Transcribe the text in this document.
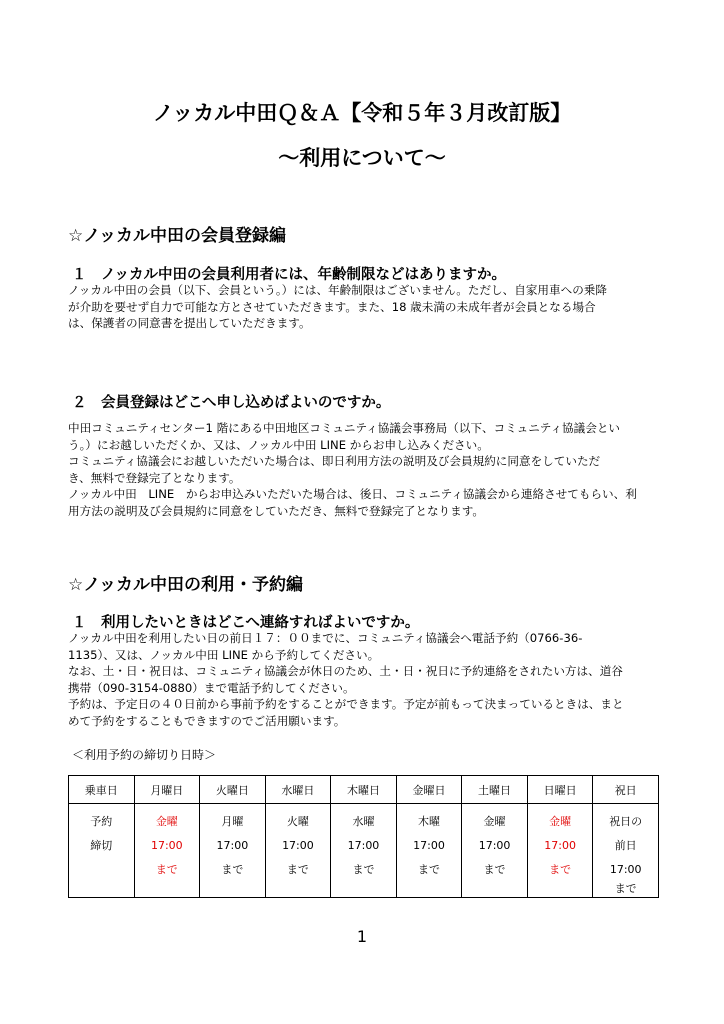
ノッカル中田Ｑ＆Ａ【令和５年３月改訂版】
～利用について～
☆ノッカル中田の会員登録編
１　ノッカル中田の会員利用者には、年齢制限などはありますか。
ノッカル中田の会員（以下、会員という。）には、年齢制限はございません。ただし、自家用車への乗降
が介助を要せず自力で可能な方とさせていただきます。また、18 歳未満の未成年者が会員となる場合
は、保護者の同意書を提出していただきます。
２　会員登録はどこへ申し込めばよいのですか。
中田コミュニティセンター1 階にある中田地区コミュニティ協議会事務局（以下、コミュニティ協議会とい
う。）にお越しいただくか、又は、ノッカル中田 LINE からお申し込みください。
コミュニティ協議会にお越しいただいた場合は、即日利用方法の説明及び会員規約に同意をしていただ
き、無料で登録完了となります。
ノッカル中田　LINE　からお申込みいただいた場合は、後日、コミュニティ協議会から連絡させてもらい、利
用方法の説明及び会員規約に同意をしていただき、無料で登録完了となります。
☆ノッカル中田の利用・予約編
１　利用したいときはどこへ連絡すればよいですか。
ノッカル中田を利用したい日の前日１７：００までに、コミュニティ協議会へ電話予約（0766-36-
1135）、又は、ノッカル中田 LINE から予約してください。
なお、土・日・祝日は、コミュニティ協議会が休日のため、土・日・祝日に予約連絡をされたい方は、道谷
携帯（090-3154-0880）まで電話予約してください。
予約は、予定日の４０日前から事前予約をすることができます。予定が前もって決まっているときは、まと
めて予約をすることもできますのでご活用願います。
＜利用予約の締切り日時＞
乗車日	月曜日	火曜日	水曜日	木曜日	金曜日	土曜日	日曜日	祝日

予約
締切	金曜
17:00
まで	月曜
17:00
まで	火曜
17:00
まで	水曜
17:00
まで	木曜
17:00
まで	金曜
17:00
まで	金曜
17:00
まで	祝日の
前日
17:00
まで
1
